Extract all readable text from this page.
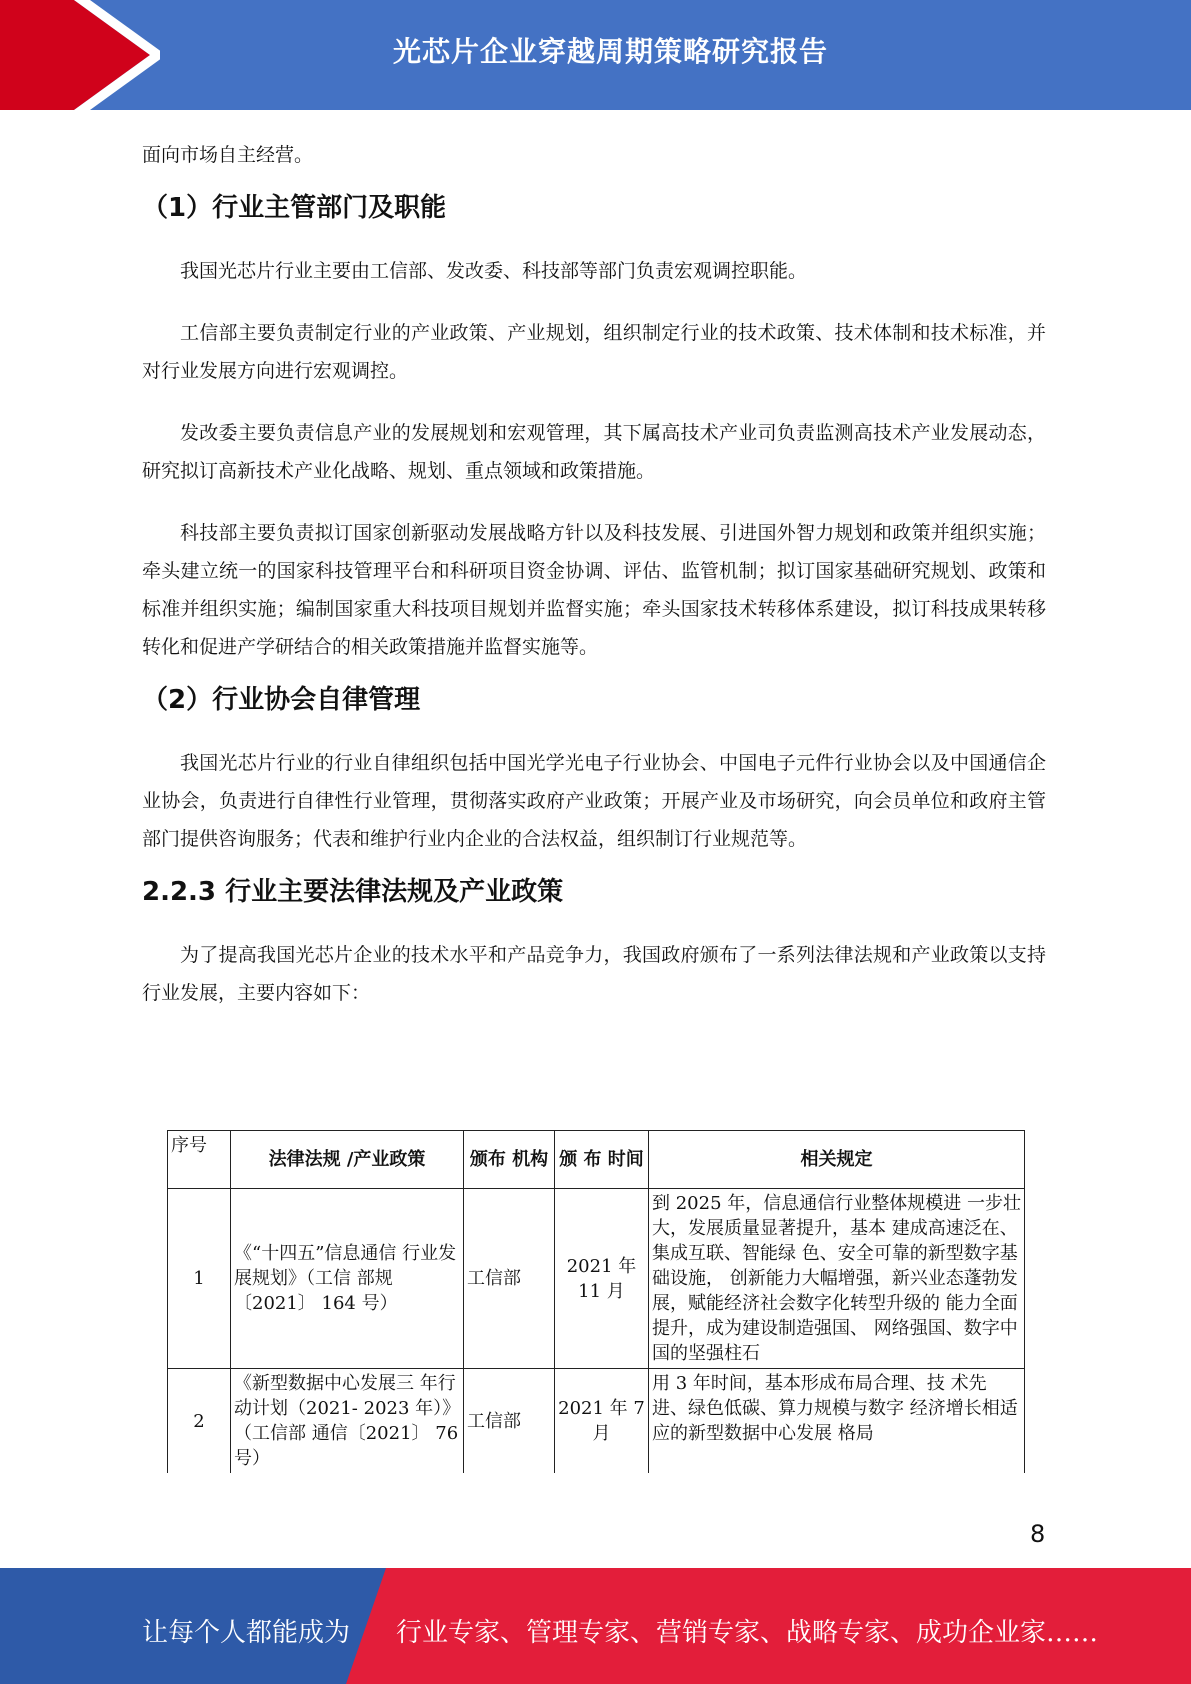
光芯片企业穿越周期策略研究报告

面向市场自主经营。

（1）行业主管部门及职能

我国光芯片行业主要由工信部、发改委、科技部等部门负责宏观调控职能。

工信部主要负责制定行业的产业政策、产业规划，组织制定行业的技术政策、技术体制和技术标准，并对行业发展方向进行宏观调控。

发改委主要负责信息产业的发展规划和宏观管理，其下属高技术产业司负责监测高技术产业发展动态，研究拟订高新技术产业化战略、规划、重点领域和政策措施。

科技部主要负责拟订国家创新驱动发展战略方针以及科技发展、引进国外智力规划和政策并组织实施；牵头建立统一的国家科技管理平台和科研项目资金协调、评估、监管机制；拟订国家基础研究规划、政策和标准并组织实施；编制国家重大科技项目规划并监督实施；牵头国家技术转移体系建设，拟订科技成果转移转化和促进产学研结合的相关政策措施并监督实施等。

（2）行业协会自律管理

我国光芯片行业的行业自律组织包括中国光学光电子行业协会、中国电子元件行业协会以及中国通信企业协会，负责进行自律性行业管理，贯彻落实政府产业政策；开展产业及市场研究，向会员单位和政府主管部门提供咨询服务；代表和维护行业内企业的合法权益，组织制订行业规范等。

2.2.3 行业主要法律法规及产业政策

为了提高我国光芯片企业的技术水平和产品竞争力，我国政府颁布了一系列法律法规和产业政策以支持行业发展，主要内容如下：

序号	法律法规 /产业政策	颁布 机构	颁 布 时间	相关规定
1	《“十四五”信息通信 行业发展规划》（工信 部规〔2021〕 164 号）	工信部	2021 年 11 月	到 2025 年，信息通信行业整体规模进 一步壮大，发展质量显著提升，基本 建成高速泛在、集成互联、智能绿 色、安全可靠的新型数字基础设施， 创新能力大幅增强，新兴业态蓬勃发 展，赋能经济社会数字化转型升级的 能力全面提升，成为建设制造强国、 网络强国、数字中国的坚强柱石
2	《新型数据中心发展三 年行动计划（2021- 2023 年）》（工信部 通信〔2021〕 76 号）	工信部	2021 年 7 月	用 3 年时间，基本形成布局合理、技 术先进、绿色低碳、算力规模与数字 经济增长相适应的新型数据中心发展 格局
8
让每个人都能成为 行业专家、管理专家、营销专家、战略专家、成功企业家……
